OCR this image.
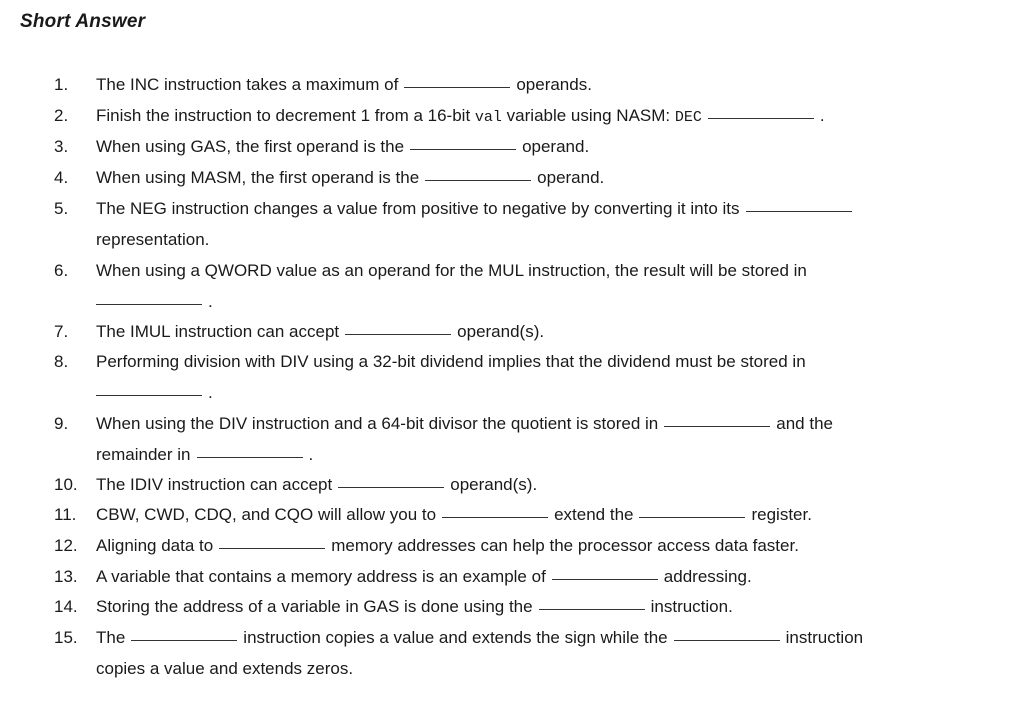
Short Answer
1. The INC instruction takes a maximum of	operands.
2. Finish the instruction to decrement 1 from a 16-bit val variable using NASM: DEC	.
3. When using GAS, the first operand is the	operand.
4. When using MASM, the first operand is the	operand.
5. The NEG instruction changes a value from positive to negative by converting it into its
representation.
6. When using a QWORD value as an operand for the MUL instruction, the result will be stored in
.
7. The IMUL instruction can accept	operand(s).
8. Performing division with DIV using a 32-bit dividend implies that the dividend must be stored in
.
9. When using the DIV instruction and a 64-bit divisor the quotient is stored in	and the
remainder in	.
10. The IDIV instruction can accept	operand(s).
11. CBW, CWD, CDQ, and CQO will allow you to	extend the	register.
12. Aligning data to	memory addresses can help the processor access data faster.
13. A variable that contains a memory address is an example of	addressing.
14. Storing the address of a variable in GAS is done using the	instruction.
15. The	instruction copies a value and extends the sign while the	instruction
copies a value and extends zeros.
